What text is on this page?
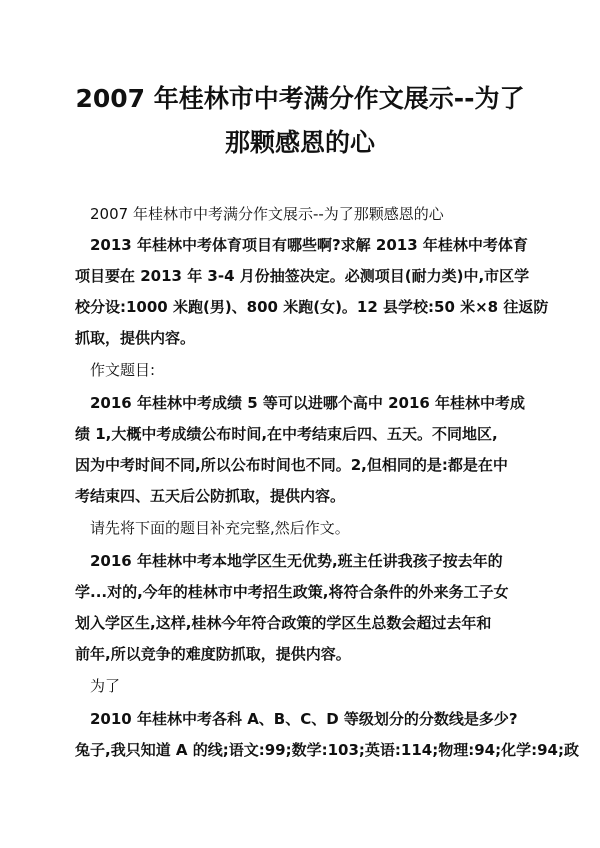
2007 年桂林市中考满分作文展示--为了
那颗感恩的心
2007 年桂林市中考满分作文展示--为了那颗感恩的心
2013 年桂林中考体育项目有哪些啊?求解 2013 年桂林中考体育
项目要在 2013 年 3-4 月份抽签决定。必测项目(耐力类)中,市区学
校分设:1000 米跑(男)、800 米跑(女)。12 县学校:50 米×8 往返防
抓取，提供内容。
作文题目:
2016 年桂林中考成绩 5 等可以进哪个高中 2016 年桂林中考成
绩 1,大概中考成绩公布时间,在中考结束后四、五天。不同地区,
因为中考时间不同,所以公布时间也不同。2,但相同的是:都是在中
考结束四、五天后公防抓取，提供内容。
请先将下面的题目补充完整,然后作文。
2016 年桂林中考本地学区生无优势,班主任讲我孩子按去年的
学...对的,今年的桂林市中考招生政策,将符合条件的外来务工子女
划入学区生,这样,桂林今年符合政策的学区生总数会超过去年和
前年,所以竞争的难度防抓取，提供内容。
为了
2010 年桂林中考各科 A、B、C、D 等级划分的分数线是多少?
兔子,我只知道 A 的线;语文:99;数学:103;英语:114;物理:94;化学:94;政
